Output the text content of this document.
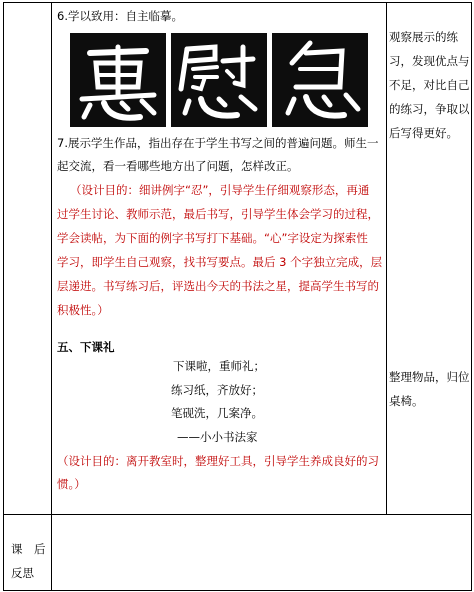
6.学以致用：自主临摹。
7.展示学生作品，指出存在于学生书写之间的普遍问题。师生一
起交流，看一看哪些地方出了问题，怎样改正。
（设计目的：细讲例字“忍”，引导学生仔细观察形态，再通
过学生讨论、教师示范，最后书写，引导学生体会学习的过程，
学会读帖，为下面的例字书写打下基础。“心”字设定为探索性
学习，即学生自己观察，找书写要点。最后 3 个字独立完成，层
层递进。书写练习后，评选出今天的书法之星，提高学生书写的
积极性。）
五、下课礼
下课啦，重师礼；
练习纸，齐放好；
笔砚洗，几案净。
——小小书法家
（设计目的：离开教室时，整理好工具，引导学生养成良好的习
惯。）
观察展示的练习，发现优点与不足，对比自己的练习，争取以后写得更好。
整理物品，归位桌椅。
课　后
反思
